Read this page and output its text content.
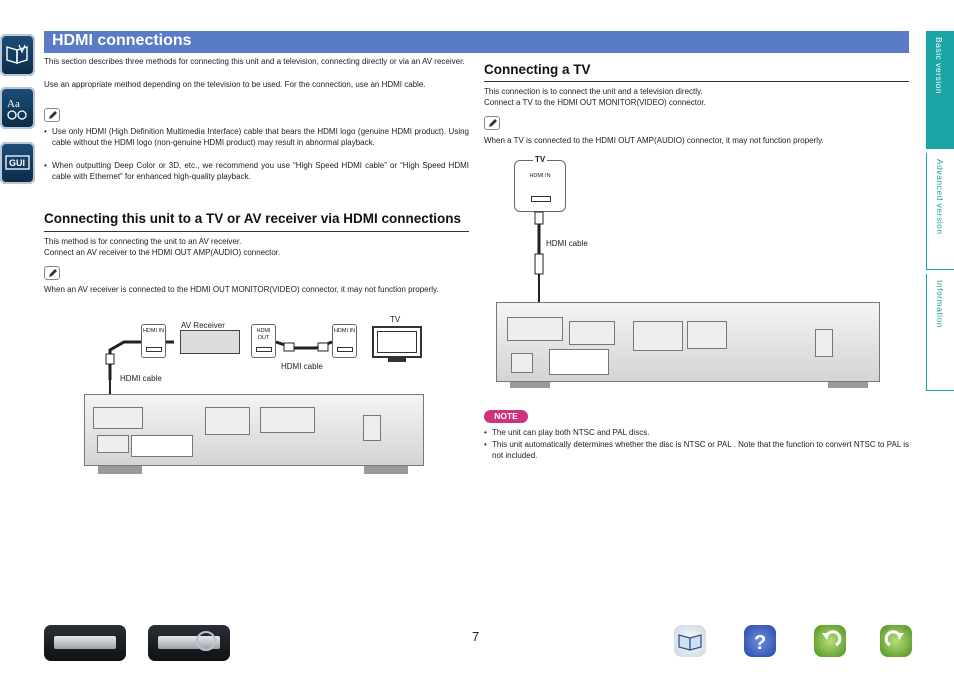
Aa
GUI
HDMI connections
This section describes three methods for connecting this unit and a television, connecting directly or via an AV receiver.
Use an appropriate method depending on the television to be used. For the connection, use an HDMI cable.
• Use only HDMI (High Definition Multimedia Interface) cable that bears the HDMI logo (genuine HDMI product). Using cable without the HDMI logo (non-genuine HDMI product) may result in abnormal playback.
• When outputting Deep Color or 3D, etc., we recommend you use “High Speed HDMI cable” or “High Speed HDMI cable with Ethernet” for enhanced high-quality playback.
Connecting this unit to a TV or AV receiver via HDMI connections
This method is for connecting the unit to an AV receiver.
Connect an AV receiver to the HDMI OUT AMP(AUDIO) connector.
When an AV receiver is connected to the HDMI OUT MONITOR(VIDEO) connector, it may not function properly.
AV Receiver
HDMI IN	HDMI OUT
HDMI IN
TV
HDMI cable
HDMI cable
Connecting a TV
This connection is to connect the unit and a television directly.
Connect a TV to the HDMI OUT MONITOR(VIDEO) connector.
When a TV is connected to the HDMI OUT AMP(AUDIO) connector, it may not function properly.
TV
HDMI IN
HDMI cable
NOTE
• The unit can play both NTSC and PAL discs.
• This unit automatically determines whether the disc is NTSC or PAL . Note that the function to convert NTSC to PAL is not included.
Basic version
Advanced version
Information
7	?
